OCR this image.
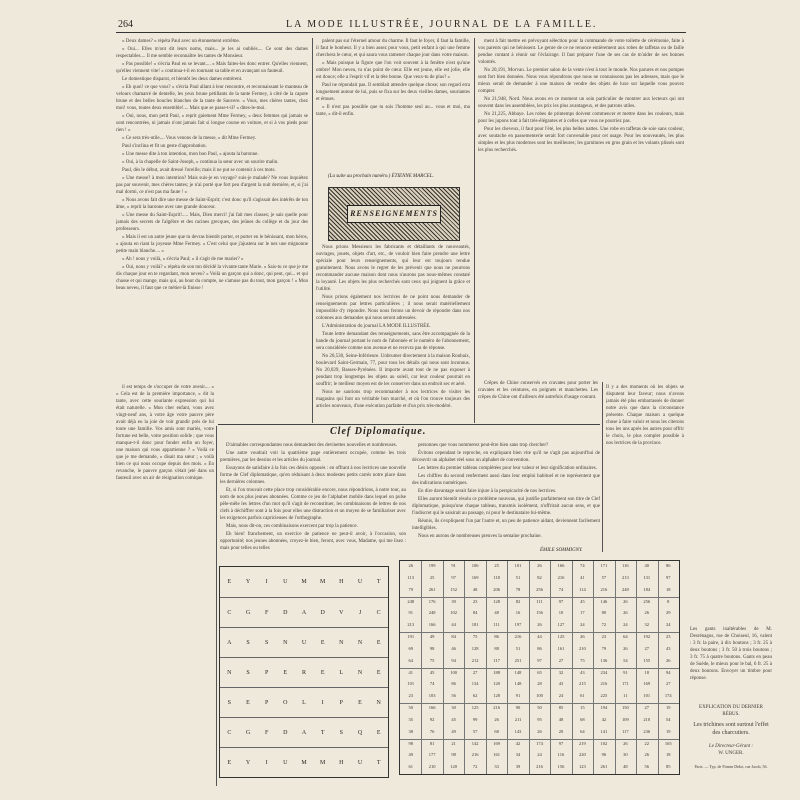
264	LA MODE ILLUSTRÉE, JOURNAL DE LA FAMILLE.

« Deux dames? » répéta Paul avec un étonnement extrême.

« Oui... Elles m'ont dit leurs noms, mais... je les ai oubliés.... Ce sont des dames respectables.... Il me semble reconnaître les tantes de Monsieur.

« Pas possible! » s'écria Paul en se levant.... « Mais faites-les donc entrer. Qu'elles viennent, qu'elles viennent vite! » continua-t-il en tournant sa table et en avançant un fauteuil.

Le domestique disparut, et bientôt les deux dames entrèrent.

« Eh quoi! ce que vous? » s'écria Paul allant à leur rencontre, et reconnaissant le manteau de velours chamarré de dentelle, les yeux brune pétillants de la tante Fermey, à côté de la capote brune et des belles boucles blanches de la tante de Sauvere. « Vous, mes chères tantes, chez moi! vous, toutes deux ensemble!.... Mais que se passe-t-il? » dites-le-moi.

« Oui, nous, mon petit Paul, » reprit gaiement Mme Fermey, « deux femmes qui jamais se sont rencontrées, ni jamais n'ont jamais fait si longue course en voiture, et si à vos pieds pour rien ! »

« Ce sera très-utile.... Vous venons de la messe, » dit Mme Fermey.

Paul s'inclina et fit un geste d'approbation.

« Une messe dite à ton intention, mon bon Paul, » ajouta la baronne.

« Oui, à la chapelle de Saint-Joseph, » continua la sœur avec un sourire malin.

Paul, dès le début, avait dressé l'oreille; mais il ne put se contenir à ces mots.

« Une messe? à mon intention? Mais suis-je en voyage? suis-je malade? Ne vous inquiétez pas par souvenir, mes chères tantes; je n'ai porté que fort peu d'argent la nuit dernière, et, si j'ai mal dormi, ce n'est pas ma faute ! »

« Nous avons fait dire une messe de Saint-Esprit; c'est donc qu'il s'agissait des intérêts de ton âme, » reprit la baronne avec une grande douceur.

« Une messe du Saint-Esprit!..... Mais, Dieu merci! j'ai fait mes classes; je sais quelle pour jamais des secrets de l'algèbre et des racines grecques, des jeûnes du collège et du jour des professeurs.

« Mais il est un autre jeune que tu devras bientôt porter, et porter en le bénissant, mon héros, » ajouta en riant la joyeuse Mme Fermey. « C'est celui que j'ajustera sur le nez une mignonne petite main blanche.... »

« Ah ! nous y voilà, » s'écria Paul; « il s'agit de me marier? »

« Oui, nous y voilà? » répéta de son ton décidé la vivante tante Marie. « Sais-tu ce que je me dis chaque jour en te regardant, mon neveu? « Voilà un garçon qui a donc, qui peut, qui... et qui chasse et qui mange, mais qui, au bout du compte, ne s'amuse pas du tout, mon garçon ! » Mon beau neveu, il faut que ce métier-là finisse !

il est temps de s'occuper de votre avenir.... » « Cela est de la première importance, » dit la tante, avec cette souriante expression qui lui était naturelle. « Mon cher enfant, vous avez vingt-neuf ans, à votre âge votre pauvre père avait déjà eu la joie de voir grandir près de lui toute une famille. Vos amis sont mariés, votre fortune est belle, votre position solide ; que vous manque-t-il donc pour fonder enfin un foyer, une maison qui vous appartienne ? « Voilà ce que je me demande, » disait ma sœur ; « voilà bien ce qui nous occupe depuis des mois. » En revanche, le pauvre garçon s'était jeté dans un fauteuil avec un air de résignation comique.

palent pas sur l'éternel amour du charme. Il faut le foyer, il faut la famille, il faut le bonheur. Il y a bien assez pour vous, petit enfant à qui une femme cherchera le cœur, et qui saura vous ramener chaque jour dans votre maison.

« Mais puisque la figure que l'on voit souvent à la fenêtre n'est qu'une ombre! Mon neveu, tu n'as point de cœur. Elle est jeune, elle est jolie, elle est douce; elle a l'esprit vif et la tête bonne. Que veux-tu de plus? »

Paul ne répondait pas. Il semblait attendre quelque chose; son regard erra longuement autour de lui, puis se fixa sur les deux vieilles dames, souriantes et émues.

« Il n'est pas possible que tu sois l'homme seul au... vous et moi, ma tante, » dit-il enfin.

(La suite au prochain numéro.) ÉTIENNE MARCEL.
RENSEIGNEMENTS

Nous prions Messieurs les fabricants et détaillants de nouveautés, ouvrages, jouets, objets d'art, etc., de vouloir bien faire prendre une lettre spéciale pour leurs renseignements, qui leur est toujours rendue gratuitement. Nous avons le regret de les prévenir que nous ne pourrons recommander aucune maison dont nous n'aurons pas nous-mêmes constaté la loyauté. Les objets les plus recherchés sont ceux qui joignent la grâce et l'utilité.

Nous prions également nos lectrices de ne point nous demander de renseignements par lettres particulières ; il nous serait matériellement impossible d'y répondre. Nous nous ferons un devoir de répondre dans nos colonnes aux demandes qui nous seront adressées.

L'Administration du journal LA MODE ILLUSTRÉE.

Toute lettre demandant des renseignements, sans être accompagnée de la bande du journal portant le nom de l'abonnée et le numéro de l'abonnement, sera considérée comme non avenue et ne recevra pas de réponse.

No 20,530, Seine-Inférieure. Unbrumer directement à la maison Roubaix, boulevard Saint-Germain, 77, pour tous les détails qui nous sont inconnus. No 20,029, Basses-Pyrénées. Il importe avant tout de ne pas exposer à pendant trop longtemps les objets au soleil, car leur couleur pourrait en souffrir; le meilleur moyen est de les conserver dans un endroit sec et aéré.

Nous ne saurions trop recommander à nos lectrices de visiter les magasins qui font un véritable bon marché, et où l'on trouve toujours des articles nouveaux, d'une exécution parfaite et d'un prix très-modéré.

ment à fait mettre en prévoyant sélection pour la commande de votre toilette de cérémonie, faite à vos parents qui ne bénissent. Le genre de ce ne renonce entièrement aux robes de taffetas ou de faille pendue contant à réunir sur l'éclairage. Il faut préparer l'une de ses cas de m'aider de ses bonnes volontés.

No 20,191, Morvan. Le premier salon de la vente n'est à tout le monde. Nos parures et nos pompes sont fort bien données. Nous vous répondrons que nous ne connaissons pas les adresses, mais que le mieux serait de demander à une maison de vendre des objets de luxe sur laquelle vous pouvez compter.

No 21,948, Nord. Nous avons en ce moment un soin particulier de montrer aux lecteurs qui ont souvent dans les assemblées, les prix les plus avantageux, et des patrons utiles.

No 21,225, Abbaye. Les robes de printemps doivent commencer et mettre dans les couleurs, mais pour les jupons tout à fait très-élégantes et à celles que vous ne pourriez pas.

Pour les cheveux, il faut pour l'été, les plus belles nattes. Une robe en taffetas de soie sans couleur, avec soutache en passementerie serait fort convenable pour cet usage. Pour les nouveautés, les plus simples et les plus modernes sont les meilleures; les garnitures en gros grain et les volants plissés sont les plus recherchés.

Crêpes de Chine conservés en cravates pour porter les cravates et les ceintures, en poignets et manchettes. Les crêpes de Chine ont d'ailleurs été autrefois d'usage courant.

Clef Diplomatique.

D'aimables correspondantes nous demandent des devinettes nouvelles et nombreuses.

Une autre voudrait voir la quatrième page entièrement occupée, comme les trois premières, par les dessins et les articles du journal.

Essayons de satisfaire à la fois ces désirs opposés : en offrant à nos lectrices une nouvelle forme de Clef diplomatique, qu'en réduisant à deux modestes petits carrés notre place dans les dernières colonnes.

Et, si l'on trouvait cette place trop considérable encore, nous répondrions, à notre tour, au nom de nos plus jeunes abonnées. Comme ce jeu de l'alphabet mobile dans lequel on pulse pêle-mêle les lettres d'un mot qu'il s'agit de reconstituer, les combinaisons de lettres de nos clefs à déchiffrer sont à la fois pour elles une distraction et un moyen de se familiariser avec les exigences parfois capricieuses de l'orthographe.

Mais, nous dit-on, ces combinaisons exercent par trop la patience.

Eh bien! franchement, un exercice de patience ne peut-il avoir, à l'occasion, son opportunité; nos jeunes abonnées, croyez-le bien, feront, avec vous, Madame, qui me lisez : mais pour telles ou telles

personnes que vous nommerez peut-être bien sans trop chercher?

Évitons cependant le reproche, en expliquant bien vite qu'il ne s'agit pas aujourd'hui de découvrir un alphabet réel sous un alphabet de convention.

Les lettres du premier tableau complétées pour leur valeur et leur signification ordinaires.

Les chiffres du second renferment aussi dans leur emploi habituel et ne représentent que des indications numériques.

En dire davantage serait faire injure à la perspicacité de nos lectrices.

Elles auront bientôt résolu ce problème nouveau, qui justifie parfaitement son titre de Clef diplomatique, puisqu'une chaque tableau, transmis isolément, n'offrirait aucun sens, et que l'indiscret qui le saisirait au passage, ni pour le destinataire lui-même.

Réunis, ils s'expliquent l'un par l'autre et, un peu de patience aidant, deviennent facilement intelligibles.

Nous en aurons de nombreuses preuves la semaine prochaine.

ÉMILE SOMMIGNY.
E	Y	I	U	M	M	H	U	T
C	G	F	D	A	D	V	J	C
A	S	S	N	U	E	N	N	E
N	S	P	E	R	E	L	N	E
S	E	P	O	L	I	P	E	N
C	G	F	D	A	T	S	Q	E
E	Y	I	U	M	M	H	U	T
26	199	91	106	25	101	26	166	74	171	116	40	86
113	25	97	169	118	51	82	216	41	57	213	131	97
79	261	152	48	206	78	256	74	114	216	248	184	18
248	176	39	23	128	82	111	97	45	146	26	256	8
91	248	102	84	48	16	156	10	17	80	26	26	29
213	166	44	181	111	197	26	127	24	72	24	32	24
191	49	84	75	86	216	44	125	26	23	64	192	23
69	98	46	128	88	51	86	161	210	79	26	27	43
64	75	94	212	117	251	97	27	75	136	54	155	26
41	45	100	27	188	148	65	32	43	234	91	18	94
101	74	86	134	120	148	28	43	215	216	171	169	27
23	103	56	62	128	91	100	24	61	225	11	101	174
50	166	30	125	216	90	50	85	15	194	150	27	19
35	92	45	99	26	211	95	48	68	42	109	210	54
38	76	49	57	68	143	26	20	64	141	117	236	19
98	81	21	142	169	42	174	97	219	102	26	22	165
49	177	98	216	161	34	24	116	220	96	30	26	18
61	210	120	72	33	39	216	156	123	261	48	56	85

Il y a des moments où les objets se disputent leur faveur; nous n'avons jamais été plus embarrassés de donner notre avis que dans la circonstance présente. Chaque maison a quelque chose à faire valoir et nous les citerons tous les uns après les autres pour offrir le choix, le plus complet possible à nos lectrices de la province.

Les gants inaltérables de M. Desrénagus, rue de Choiseul, 16, valent : 3 fr. la paire, à dix boutons ; 3 fr. 25 à deux boutons ; 3 fr. 50 à trois boutons ; 3 fr. 75 à quatre boutons. Gants en peau de Suède, le mieux pour le bal, 6 fr. 25 à deux boutons. Envoyer un timbre pour réponse.

EXPLICATION DU DERNIER RÉBUS.
Les trichines sont surtout l'effet des charcutiers.
Le Directeur-Gérant :
W. UNGER.
Paris. — Typ. de Firmin Didot, rue Jacob, 56.
